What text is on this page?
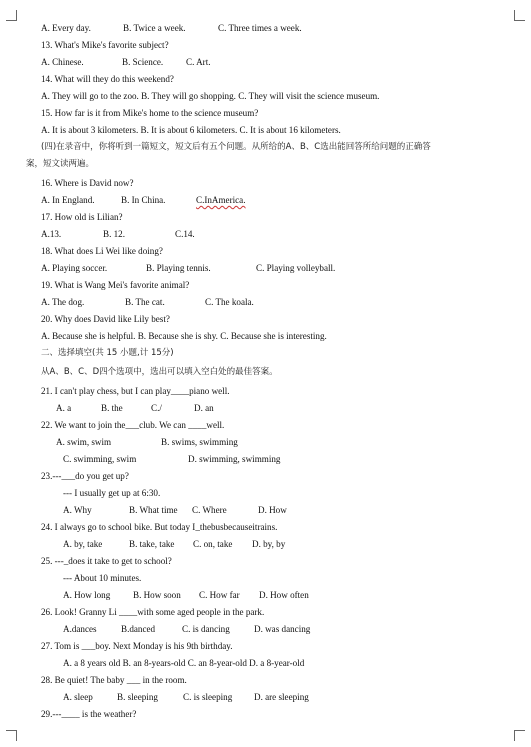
A. Every day.	B. Twice a week.	C. Three times a week.
13. What's Mike's favorite subject?
A. Chinese.	B. Science.	C. Art.
14. What will they do this weekend?
A. They will go to the zoo. B. They will go shopping. C. They will visit the science museum.
15. How far is it from Mike's home to the science museum?
A. It is about 3 kilometers. B. It is about 6 kilometers. C. It is about 16 kilometers.
(四)在录音中，你将听到一篇短文，短文后有五个问题。从所给的A、B、C选出能回答所给问题的正确答
案，短文读两遍。
16. Where is David now?
A. In England.	B. In China.	C.InAmerica.
17. How old is Lilian?
A.13.	B. 12.	C.14.
18. What does Li Wei like doing?
A. Playing soccer.	B. Playing tennis.	C. Playing volleyball.
19. What is Wang Mei's favorite animal?
A. The dog.	B. The cat.	C. The koala.
20. Why does David like Lily best?
A. Because she is helpful. B. Because she is shy. C. Because she is interesting.
二、选择填空(共 15 小题,计 15分)
从A、B、C、D四个选项中，选出可以填入空白处的最佳答案。
21. I can't play chess, but I can play____piano well.
A. a	B. the	C./	D. an
22. We want to join the___club. We can ____well.
A. swim, swim	B. swims, swimming
C. swimming, swim	D. swimming, swimming
23.---___do you get up?
--- I usually get up at 6:30.
A. Why	B. What time C. Where	D. How
24. I always go to school bike. But today I_thebusbecauseitrains.
A. by, take	B. take, take C. on, take D. by, by
25. ---_does it take to get to school?
--- About 10 minutes.
A. How long	B. How soon C. How far D. How often
26. Look! Granny Li ____with some aged people in the park.
A.dances	B.danced	C. is dancing	D. was dancing
27. Tom is ___boy. Next Monday is his 9th birthday.
A. a 8 years old B. an 8-years-old C. an 8-year-old D. a 8-year-old
28. Be quiet! The baby ___ in the room.
A. sleep	B. sleeping	C. is sleeping D. are sleeping
29.---____ is the weather?
